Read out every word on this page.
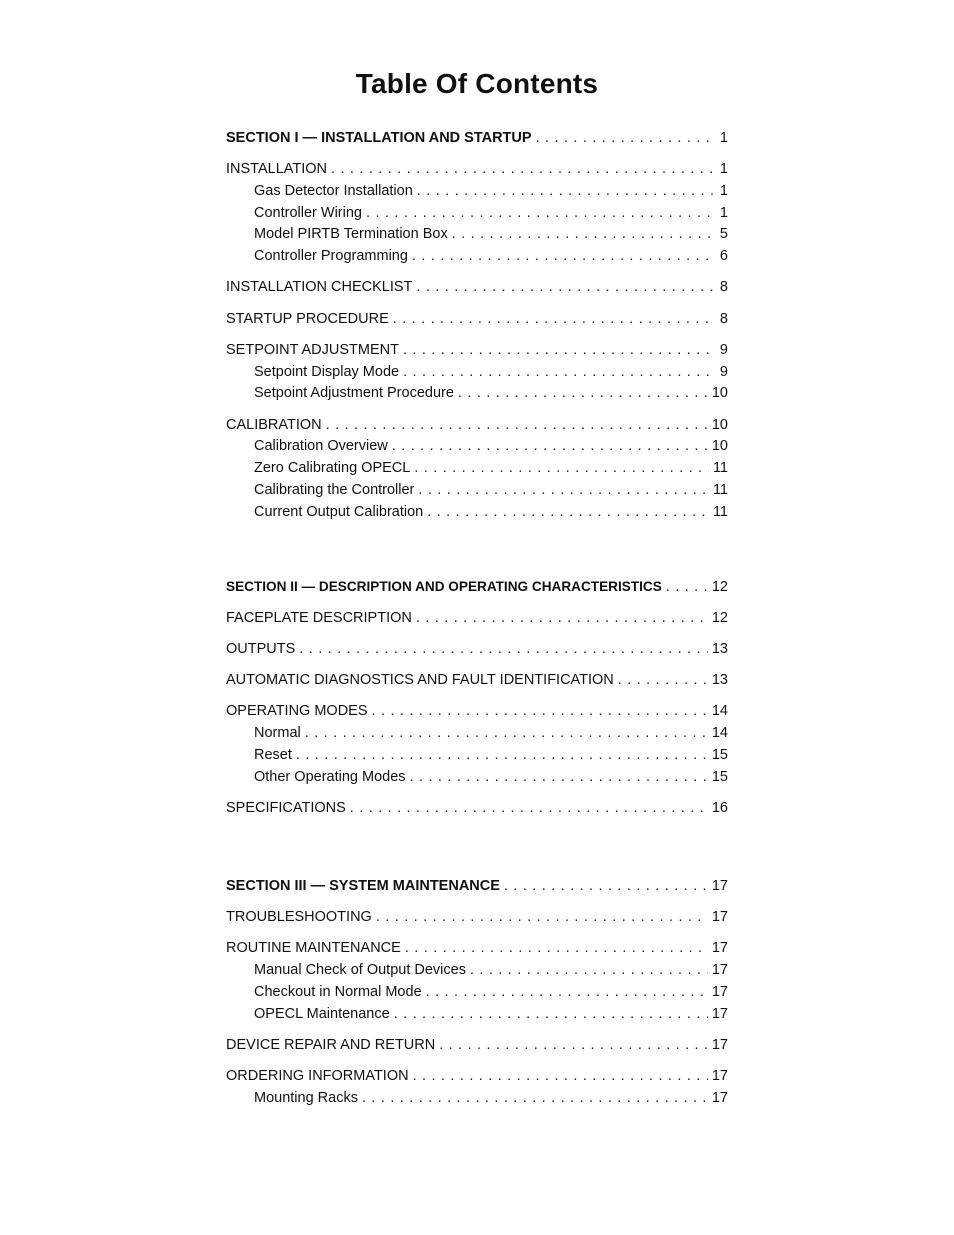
Table Of Contents
SECTION I — INSTALLATION AND STARTUP . . .	1
INSTALLATION . . .	1
Gas Detector Installation . . .	1
Controller Wiring . . .	1
Model PIRTB Termination Box . . .	5
Controller Programming . . .	6
INSTALLATION CHECKLIST . . .	8
STARTUP PROCEDURE . . .	8
SETPOINT ADJUSTMENT . . .	9
Setpoint Display Mode . . .	9
Setpoint Adjustment Procedure . . .	10
CALIBRATION . . .	10
Calibration Overview . . .	10
Zero Calibrating OPECL . . .	11
Calibrating the Controller . . .	11
Current Output Calibration . . .	11
SECTION II — DESCRIPTION AND OPERATING CHARACTERISTICS . . .	12
FACEPLATE DESCRIPTION . . .	12
OUTPUTS . . .	13
AUTOMATIC DIAGNOSTICS AND FAULT IDENTIFICATION . . .	13
OPERATING MODES . . .	14
Normal . . .	14
Reset . . .	15
Other Operating Modes . . .	15
SPECIFICATIONS . . .	16
SECTION III — SYSTEM MAINTENANCE . . .	17
TROUBLESHOOTING . . .	17
ROUTINE MAINTENANCE . . .	17
Manual Check of Output Devices . . .	17
Checkout in Normal Mode . . .	17
OPECL Maintenance . . .	17
DEVICE REPAIR AND RETURN . . .	17
ORDERING INFORMATION . . .	17
Mounting Racks . . .	17
